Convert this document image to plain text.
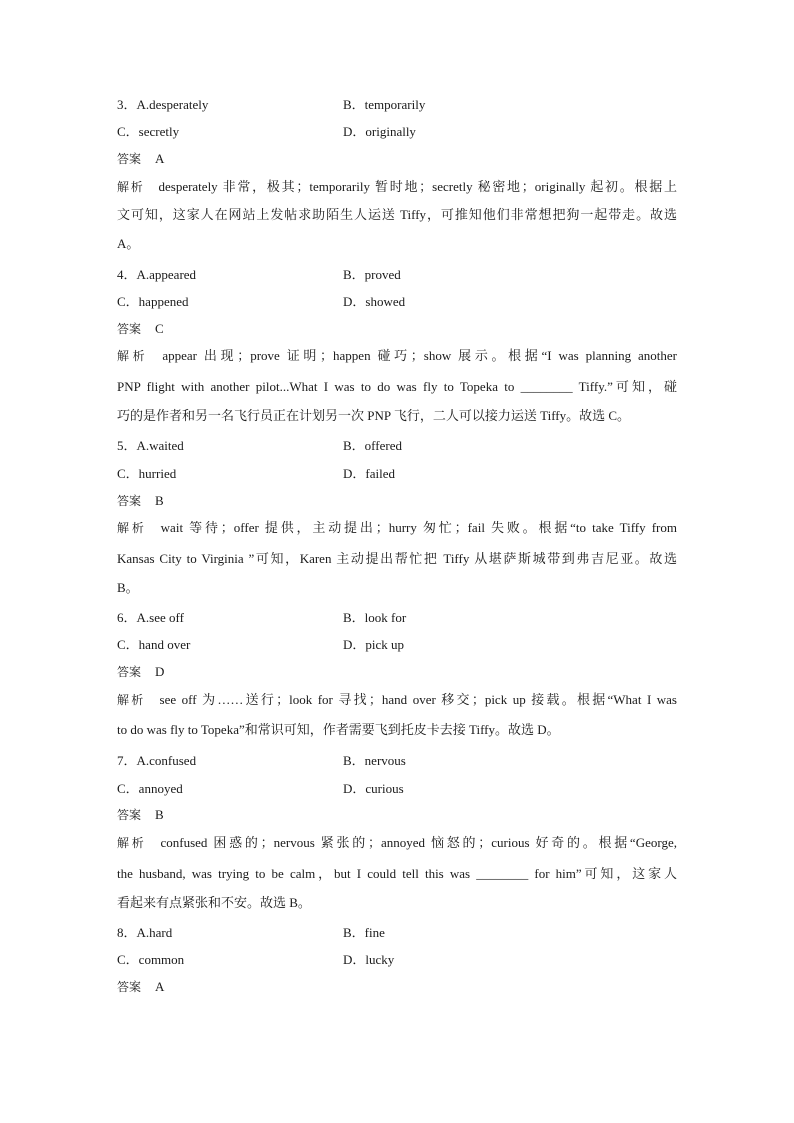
3．A.desperately	B．temporarily
C．secretly	D．originally
答案 A
解析 desperately 非常，极其；temporarily 暂时地；secretly 秘密地；originally 起初。根据上
文可知，这家人在网站上发帖求助陌生人运送 Tiffy，可推知他们非常想把狗一起带走。故选
A。
4．A.appeared	B．proved
C．happened	D．showed
答案 C
解析 appear 出现；prove 证明；happen 碰巧；show 展示。根据“I was planning another
PNP flight with another pilot...What I was to do was fly to Topeka to ________ Tiffy.”可知，碰
巧的是作者和另一名飞行员正在计划另一次 PNP 飞行，二人可以接力运送 Tiffy。故选 C。
5．A.waited	B．offered
C．hurried	D．failed
答案 B
解析 wait 等待；offer 提供，主动提出；hurry 匆忙；fail 失败。根据“to take Tiffy from
Kansas City to Virginia ”可知，Karen 主动提出帮忙把 Tiffy 从堪萨斯城带到弗吉尼亚。故选
B。
6．A.see off	B．look for
C．hand over	D．pick up
答案 D
解析 see off 为……送行；look for 寻找；hand over 移交；pick up 接载。根据“What I was
to do was fly to Topeka”和常识可知，作者需要飞到托皮卡去接 Tiffy。故选 D。
7．A.confused	B．nervous
C．annoyed	D．curious
答案 B
解析 confused 困惑的；nervous 紧张的；annoyed 恼怒的；curious 好奇的。根据“George,
the husband, was trying to be calm，but I could tell this was ________ for him”可知，这家人
看起来有点紧张和不安。故选 B。
8．A.hard	B．fine
C．common	D．lucky
答案 A
